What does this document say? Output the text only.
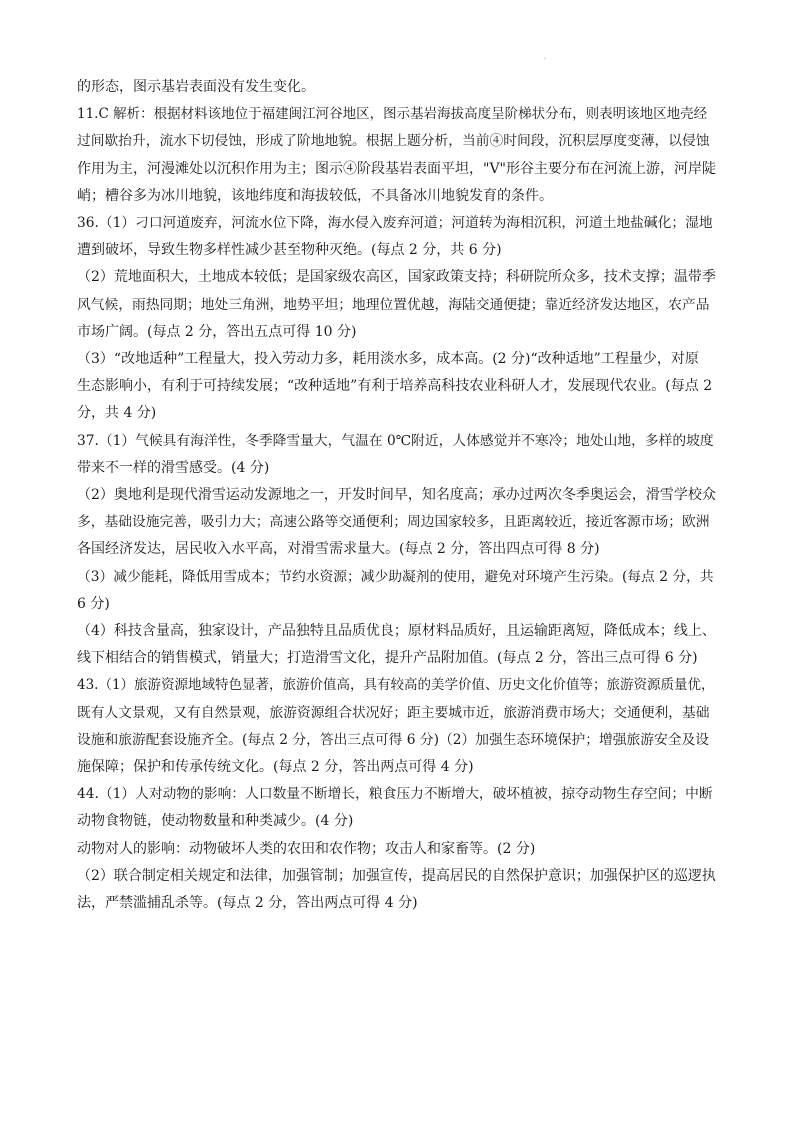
·
的形态，图示基岩表面没有发生变化。
11.C 解析：根据材料该地位于福建闽江河谷地区，图示基岩海拔高度呈阶梯状分布，则表明该地区地壳经
过间歇抬升，流水下切侵蚀，形成了阶地地貌。根据上题分析，当前④时间段，沉积层厚度变薄，以侵蚀
作用为主，河漫滩处以沉积作用为主；图示④阶段基岩表面平坦，"V"形谷主要分布在河流上游，河岸陡
峭；槽谷多为冰川地貌，该地纬度和海拔较低，不具备冰川地貌发育的条件。
36.（1）刁口河道废弃，河流水位下降，海水侵入废弃河道；河道转为海相沉积，河道土地盐碱化；湿地
遭到破坏，导致生物多样性减少甚至物种灭绝。(每点 2 分，共 6 分)
（2）荒地面积大，土地成本较低；是国家级农高区，国家政策支持；科研院所众多，技术支撑；温带季
风气候，雨热同期；地处三角洲，地势平坦；地理位置优越，海陆交通便捷；靠近经济发达地区，农产品
市场广阔。(每点 2 分，答出五点可得 10 分)
（3）“改地适种”工程量大，投入劳动力多，耗用淡水多，成本高。(2 分)“改种适地”工程量少，对原
生态影响小，有利于可持续发展；“改种适地”有利于培养高科技农业科研人才，发展现代农业。(每点 2
分，共 4 分)
37.（1）气候具有海洋性，冬季降雪量大，气温在 0℃附近，人体感觉并不寒冷；地处山地，多样的坡度
带来不一样的滑雪感受。(4 分)
（2）奥地利是现代滑雪运动发源地之一，开发时间早，知名度高；承办过两次冬季奥运会，滑雪学校众
多，基础设施完善，吸引力大；高速公路等交通便利；周边国家较多，且距离较近，接近客源市场；欧洲
各国经济发达，居民收入水平高，对滑雪需求量大。(每点 2 分，答出四点可得 8 分)
（3）减少能耗，降低用雪成本；节约水资源；减少助凝剂的使用，避免对环境产生污染。(每点 2 分，共
6 分)
（4）科技含量高，独家设计，产品独特且品质优良；原材料品质好，且运输距离短，降低成本；线上、
线下相结合的销售模式，销量大；打造滑雪文化，提升产品附加值。(每点 2 分，答出三点可得 6 分)
43.（1）旅游资源地域特色显著，旅游价值高，具有较高的美学价值、历史文化价值等；旅游资源质量优，
既有人文景观，又有自然景观，旅游资源组合状况好；距主要城市近，旅游消费市场大；交通便利，基础
设施和旅游配套设施齐全。(每点 2 分，答出三点可得 6 分)（2）加强生态环境保护；增强旅游安全及设
施保障；保护和传承传统文化。(每点 2 分，答出两点可得 4 分)
44.（1）人对动物的影响：人口数量不断增长，粮食压力不断增大，破坏植被，掠夺动物生存空间；中断
动物食物链，使动物数量和种类减少。(4 分)
动物对人的影响：动物破坏人类的农田和农作物；攻击人和家畜等。(2 分)
（2）联合制定相关规定和法律，加强管制；加强宣传，提高居民的自然保护意识；加强保护区的巡逻执
法，严禁滥捕乱杀等。(每点 2 分，答出两点可得 4 分)
